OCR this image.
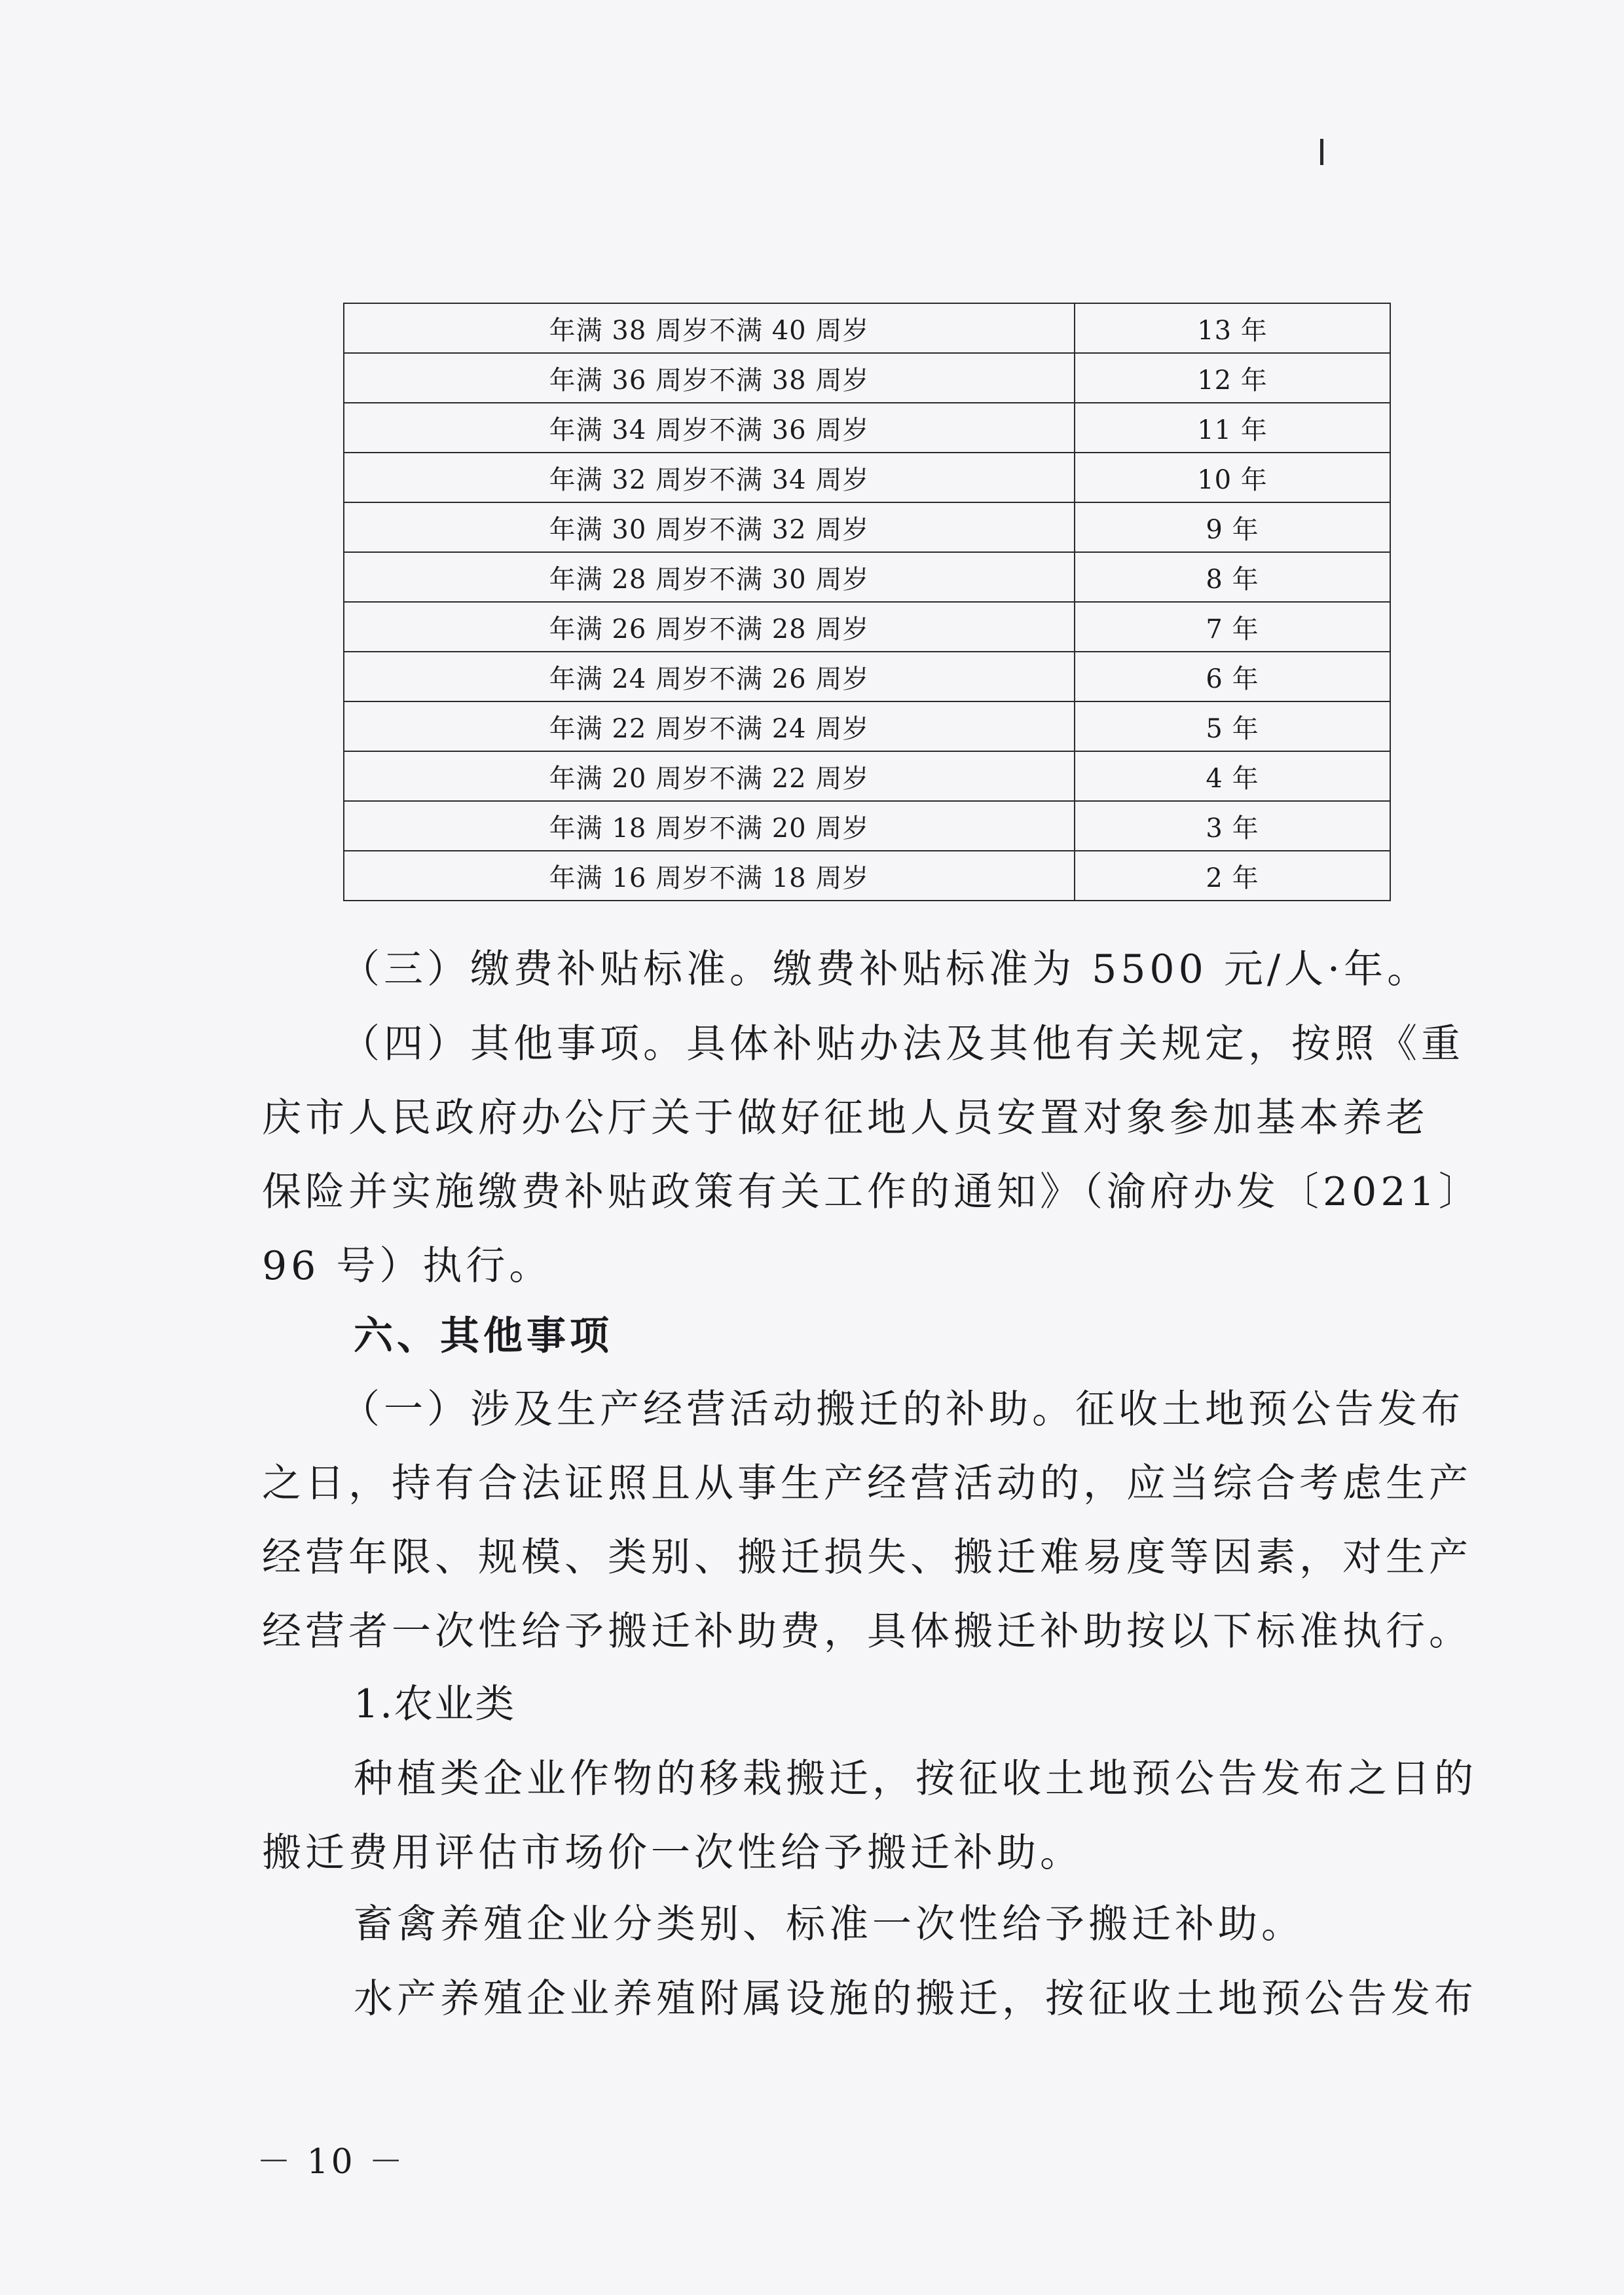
年满 38 周岁不满 40 周岁	13 年
年满 36 周岁不满 38 周岁	12 年
年满 34 周岁不满 36 周岁	11 年
年满 32 周岁不满 34 周岁	10 年
年满 30 周岁不满 32 周岁	9 年
年满 28 周岁不满 30 周岁	8 年
年满 26 周岁不满 28 周岁	7 年
年满 24 周岁不满 26 周岁	6 年
年满 22 周岁不满 24 周岁	5 年
年满 20 周岁不满 22 周岁	4 年
年满 18 周岁不满 20 周岁	3 年
年满 16 周岁不满 18 周岁	2 年
（三）缴费补贴标准。缴费补贴标准为 5500 元/人·年。
（四）其他事项。具体补贴办法及其他有关规定，按照《重
庆市人民政府办公厅关于做好征地人员安置对象参加基本养老
保险并实施缴费补贴政策有关工作的通知》（渝府办发〔2021〕
96 号）执行。
六、其他事项
（一）涉及生产经营活动搬迁的补助。征收土地预公告发布
之日，持有合法证照且从事生产经营活动的，应当综合考虑生产
经营年限、规模、类别、搬迁损失、搬迁难易度等因素，对生产
经营者一次性给予搬迁补助费，具体搬迁补助按以下标准执行。
1.农业类
种植类企业作物的移栽搬迁，按征收土地预公告发布之日的
搬迁费用评估市场价一次性给予搬迁补助。
畜禽养殖企业分类别、标准一次性给予搬迁补助。
水产养殖企业养殖附属设施的搬迁，按征收土地预公告发布
－ 10 －
